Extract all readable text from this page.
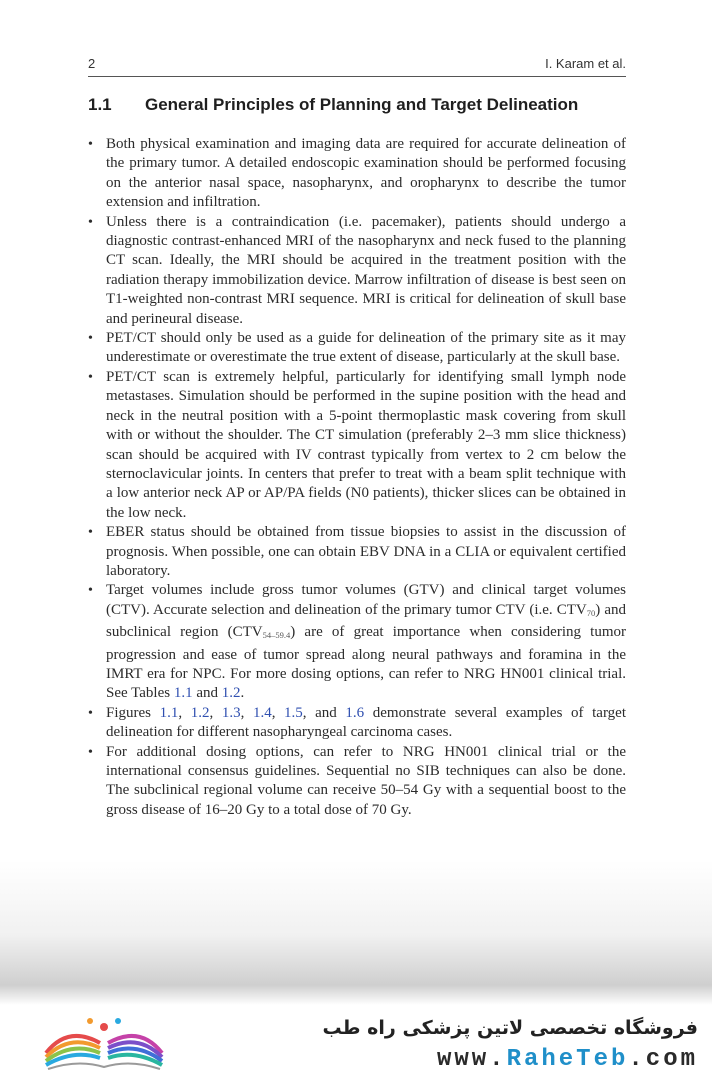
2	I. Karam et al.
1.1 General Principles of Planning and Target Delineation
• Both physical examination and imaging data are required for accurate delineation of the primary tumor. A detailed endoscopic examination should be performed focusing on the anterior nasal space, nasopharynx, and oropharynx to describe the tumor extension and infiltration.
• Unless there is a contraindication (i.e. pacemaker), patients should undergo a diagnostic contrast-enhanced MRI of the nasopharynx and neck fused to the planning CT scan. Ideally, the MRI should be acquired in the treatment position with the radiation therapy immobilization device. Marrow infiltration of disease is best seen on T1-weighted non-contrast MRI sequence. MRI is critical for delineation of skull base and perineural disease.
• PET/CT should only be used as a guide for delineation of the primary site as it may underestimate or overestimate the true extent of disease, particularly at the skull base.
• PET/CT scan is extremely helpful, particularly for identifying small lymph node metastases. Simulation should be performed in the supine position with the head and neck in the neutral position with a 5-point thermoplastic mask covering from skull with or without the shoulder. The CT simulation (preferably 2–3 mm slice thickness) scan should be acquired with IV contrast typically from vertex to 2 cm below the sternoclavicular joints. In centers that prefer to treat with a beam split technique with a low anterior neck AP or AP/PA fields (N0 patients), thicker slices can be obtained in the low neck.
• EBER status should be obtained from tissue biopsies to assist in the discussion of prognosis. When possible, one can obtain EBV DNA in a CLIA or equivalent certified laboratory.
• Target volumes include gross tumor volumes (GTV) and clinical target volumes (CTV). Accurate selection and delineation of the primary tumor CTV (i.e. $CTV_{70}$) and subclinical region $(CTV_{54-59.4})$ are of great importance when considering tumor progression and ease of tumor spread along neural pathways and foramina in the IMRT era for NPC. For more dosing options, can refer to NRG HN001 clinical trial. See Tables 1.1 and 1.2.
• Figures 1.1, 1.2, 1.3, 1.4, 1.5, and 1.6 demonstrate several examples of target delineation for different nasopharyngeal carcinoma cases.
• For additional dosing options, can refer to NRG HN001 clinical trial or the international consensus guidelines. Sequential no SIB techniques can also be done. The subclinical regional volume can receive 50–54 Gy with a sequential boost to the gross disease of 16–20 Gy to a total dose of 70 Gy.
فروشگاه تخصصی لاتین پزشکی راه طب
www.RaheTeb.com
